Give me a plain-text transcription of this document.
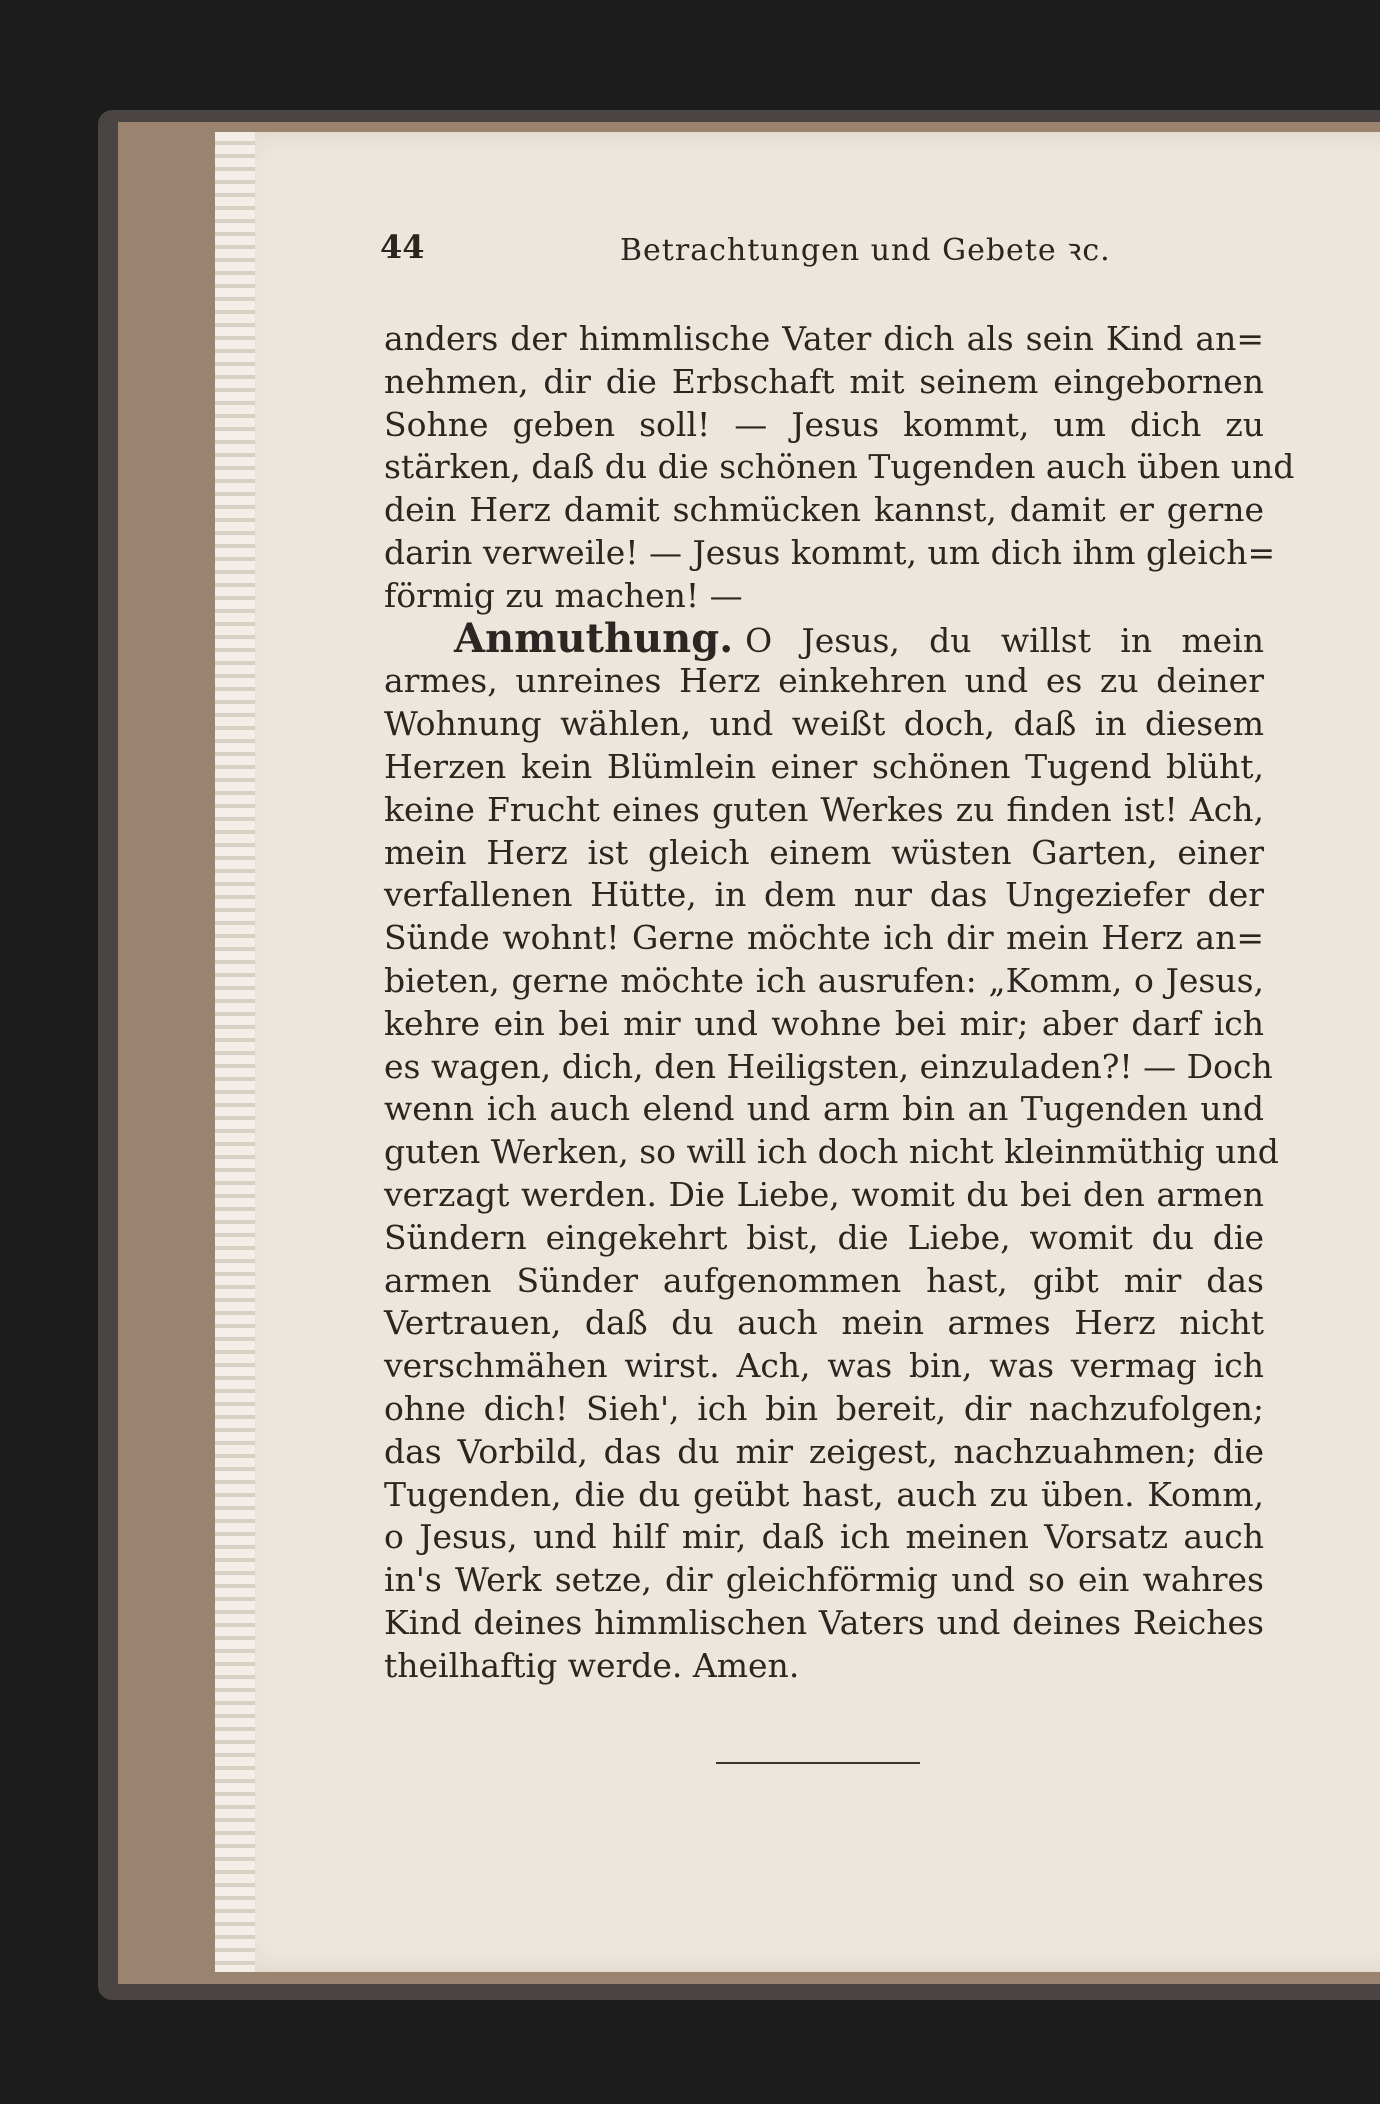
44	Betrachtungen und Gebete ꝛc.
anders der himmlische Vater dich als sein Kind an=
nehmen, dir die Erbschaft mit seinem eingebornen
Sohne geben soll! — Jesus kommt, um dich zu
stärken, daß du die schönen Tugenden auch üben und
dein Herz damit schmücken kannst, damit er gerne
darin verweile! — Jesus kommt, um dich ihm gleich=
förmig zu machen! —
Anmuthung. O Jesus, du willst in mein
armes, unreines Herz einkehren und es zu deiner
Wohnung wählen, und weißt doch, daß in diesem
Herzen kein Blümlein einer schönen Tugend blüht,
keine Frucht eines guten Werkes zu finden ist! Ach,
mein Herz ist gleich einem wüsten Garten, einer
verfallenen Hütte, in dem nur das Ungeziefer der
Sünde wohnt! Gerne möchte ich dir mein Herz an=
bieten, gerne möchte ich ausrufen: „Komm, o Jesus,
kehre ein bei mir und wohne bei mir; aber darf ich
es wagen, dich, den Heiligsten, einzuladen?! — Doch
wenn ich auch elend und arm bin an Tugenden und
guten Werken, so will ich doch nicht kleinmüthig und
verzagt werden. Die Liebe, womit du bei den armen
Sündern eingekehrt bist, die Liebe, womit du die
armen Sünder aufgenommen hast, gibt mir das
Vertrauen, daß du auch mein armes Herz nicht
verschmähen wirst. Ach, was bin, was vermag ich
ohne dich! Sieh', ich bin bereit, dir nachzufolgen;
das Vorbild, das du mir zeigest, nachzuahmen; die
Tugenden, die du geübt hast, auch zu üben. Komm,
o Jesus, und hilf mir, daß ich meinen Vorsatz auch
in's Werk setze, dir gleichförmig und so ein wahres
Kind deines himmlischen Vaters und deines Reiches
theilhaftig werde. Amen.
